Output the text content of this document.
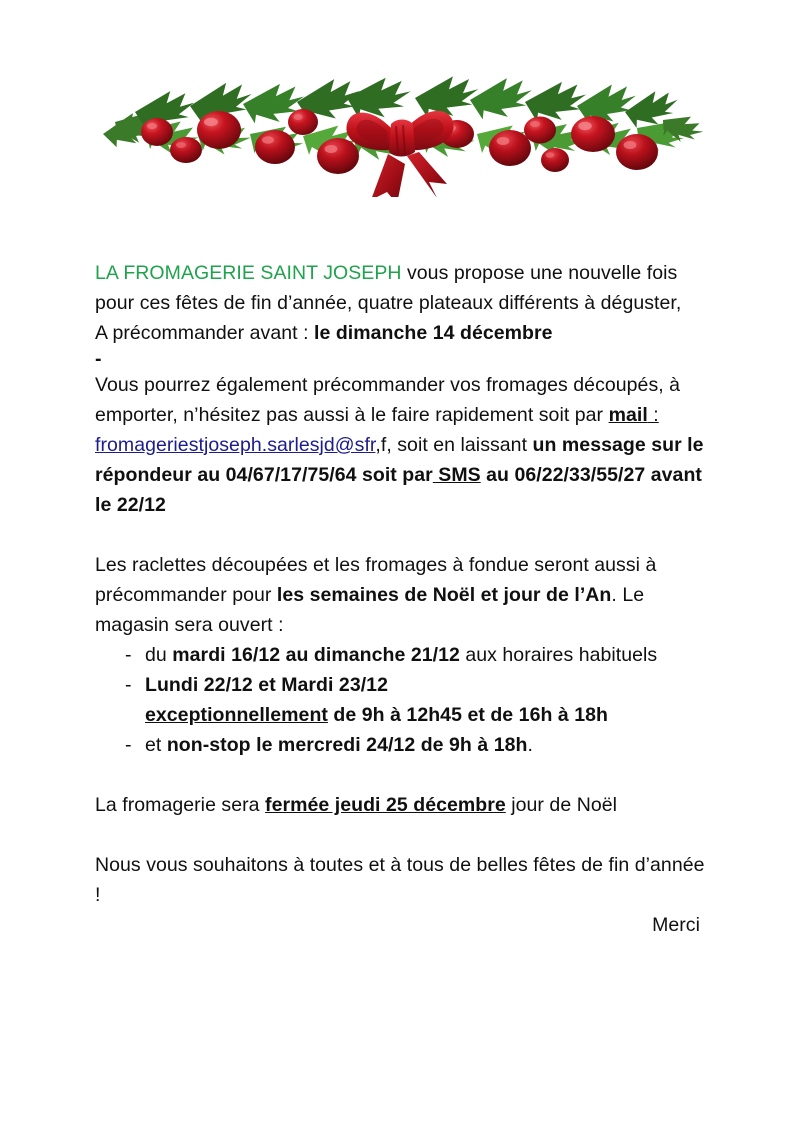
LA FROMAGERIE SAINT JOSEPH vous propose une nouvelle fois pour ces fêtes de fin d’année, quatre plateaux différents à déguster,

A précommander avant : le dimanche 14 décembre

-

Vous pourrez également précommander vos fromages découpés, à emporter, n’hésitez pas aussi à le faire rapidement soit par mail : fromageriestjoseph.sarlesjd@sfr,f, soit en laissant un message sur le répondeur au 04/67/17/75/64 soit par SMS au 06/22/33/55/27 avant le 22/12

Les raclettes découpées et les fromages à fondue seront aussi à précommander pour les semaines de Noël et jour de l’An. Le magasin sera ouvert :

- du mardi 16/12 au dimanche 21/12 aux horaires habituels
- Lundi 22/12 et Mardi 23/12
exceptionnellement de 9h à 12h45 et de 16h à 18h
- et non-stop le mercredi 24/12 de 9h à 18h.

La fromagerie sera fermée jeudi 25 décembre jour de Noël

Nous vous souhaitons à toutes et à tous de belles fêtes de fin d’année !

Merci
